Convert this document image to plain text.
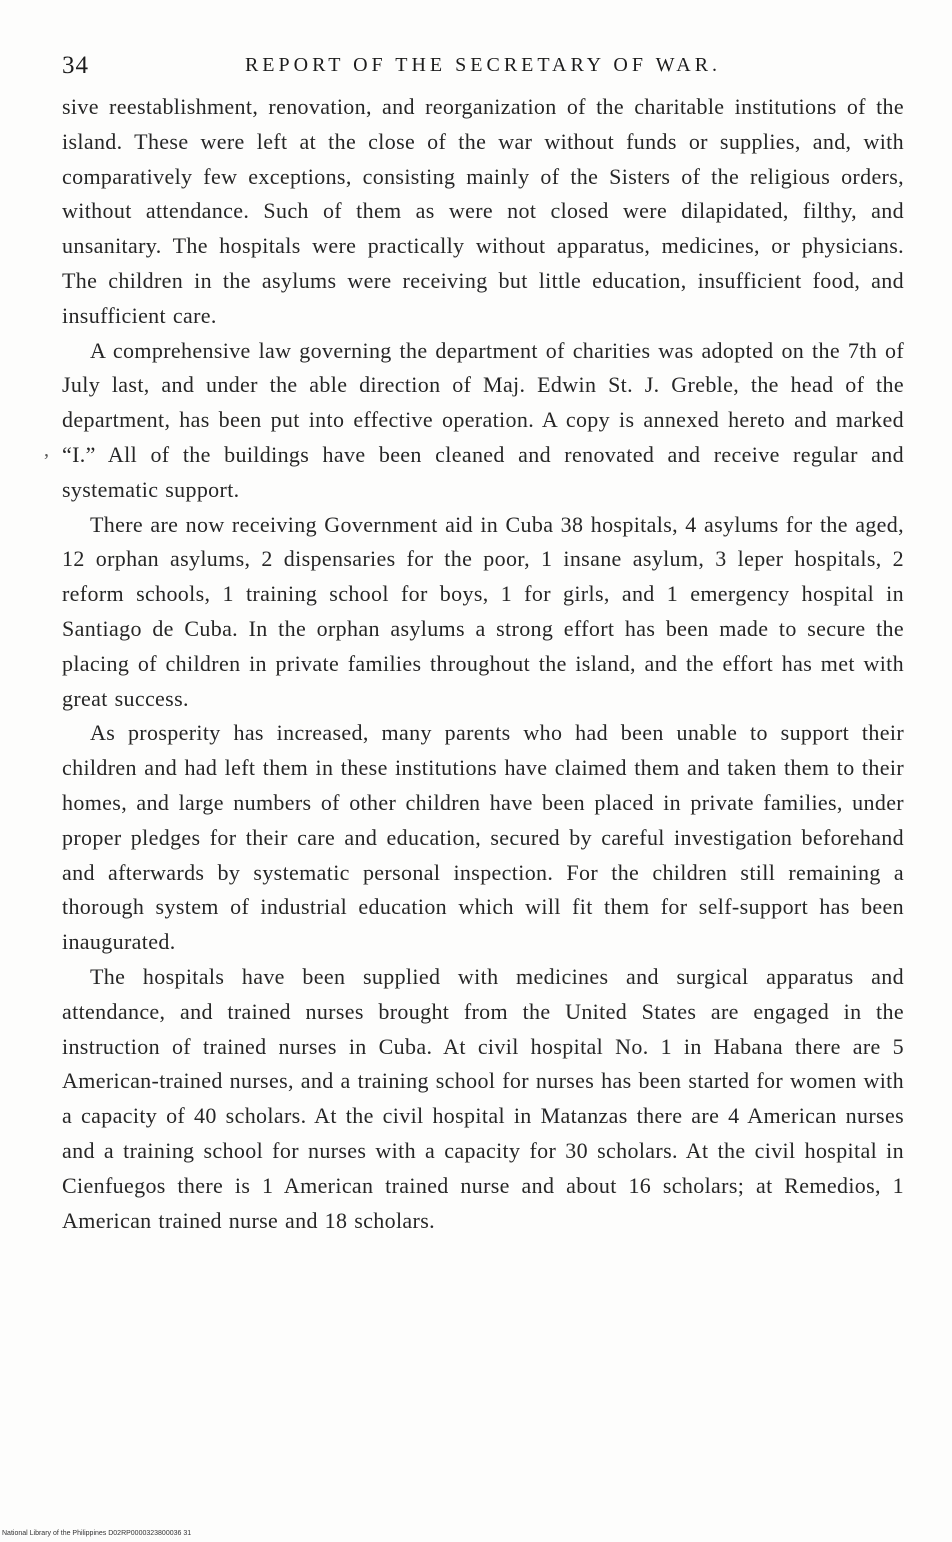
34	REPORT OF THE SECRETARY OF WAR.
’

sive reestablishment, renovation, and reorganization of the charitable institutions of the island. These were left at the close of the war without funds or supplies, and, with comparatively few exceptions, consisting mainly of the Sisters of the religious orders, without attendance. Such of them as were not closed were dilapidated, filthy, and unsanitary. The hospitals were practically without apparatus, medicines, or physicians. The children in the asylums were receiving but little education, insufficient food, and insufficient care.

A comprehensive law governing the department of charities was adopted on the 7th of July last, and under the able direction of Maj. Edwin St. J. Greble, the head of the department, has been put into effective operation. A copy is annexed hereto and marked “I.” All of the buildings have been cleaned and renovated and receive regular and systematic support.

There are now receiving Government aid in Cuba 38 hospitals, 4 asylums for the aged, 12 orphan asylums, 2 dispensaries for the poor, 1 insane asylum, 3 leper hospitals, 2 reform schools, 1 training school for boys, 1 for girls, and 1 emergency hospital in Santiago de Cuba. In the orphan asylums a strong effort has been made to secure the placing of children in private families throughout the island, and the effort has met with great success.

As prosperity has increased, many parents who had been unable to support their children and had left them in these institutions have claimed them and taken them to their homes, and large numbers of other children have been placed in private families, under proper pledges for their care and education, secured by careful investigation beforehand and afterwards by systematic personal inspection. For the children still remaining a thorough system of industrial education which will fit them for self-support has been inaugurated.

The hospitals have been supplied with medicines and surgical apparatus and attendance, and trained nurses brought from the United States are engaged in the instruction of trained nurses in Cuba. At civil hospital No. 1 in Habana there are 5 American-trained nurses, and a training school for nurses has been started for women with a capacity of 40 scholars. At the civil hospital in Matanzas there are 4 American nurses and a training school for nurses with a capacity for 30 scholars. At the civil hospital in Cienfuegos there is 1 American trained nurse and about 16 scholars; at Remedios, 1 American trained nurse and 18 scholars.

National Library of the Philippines D02RP0000323800036 31
